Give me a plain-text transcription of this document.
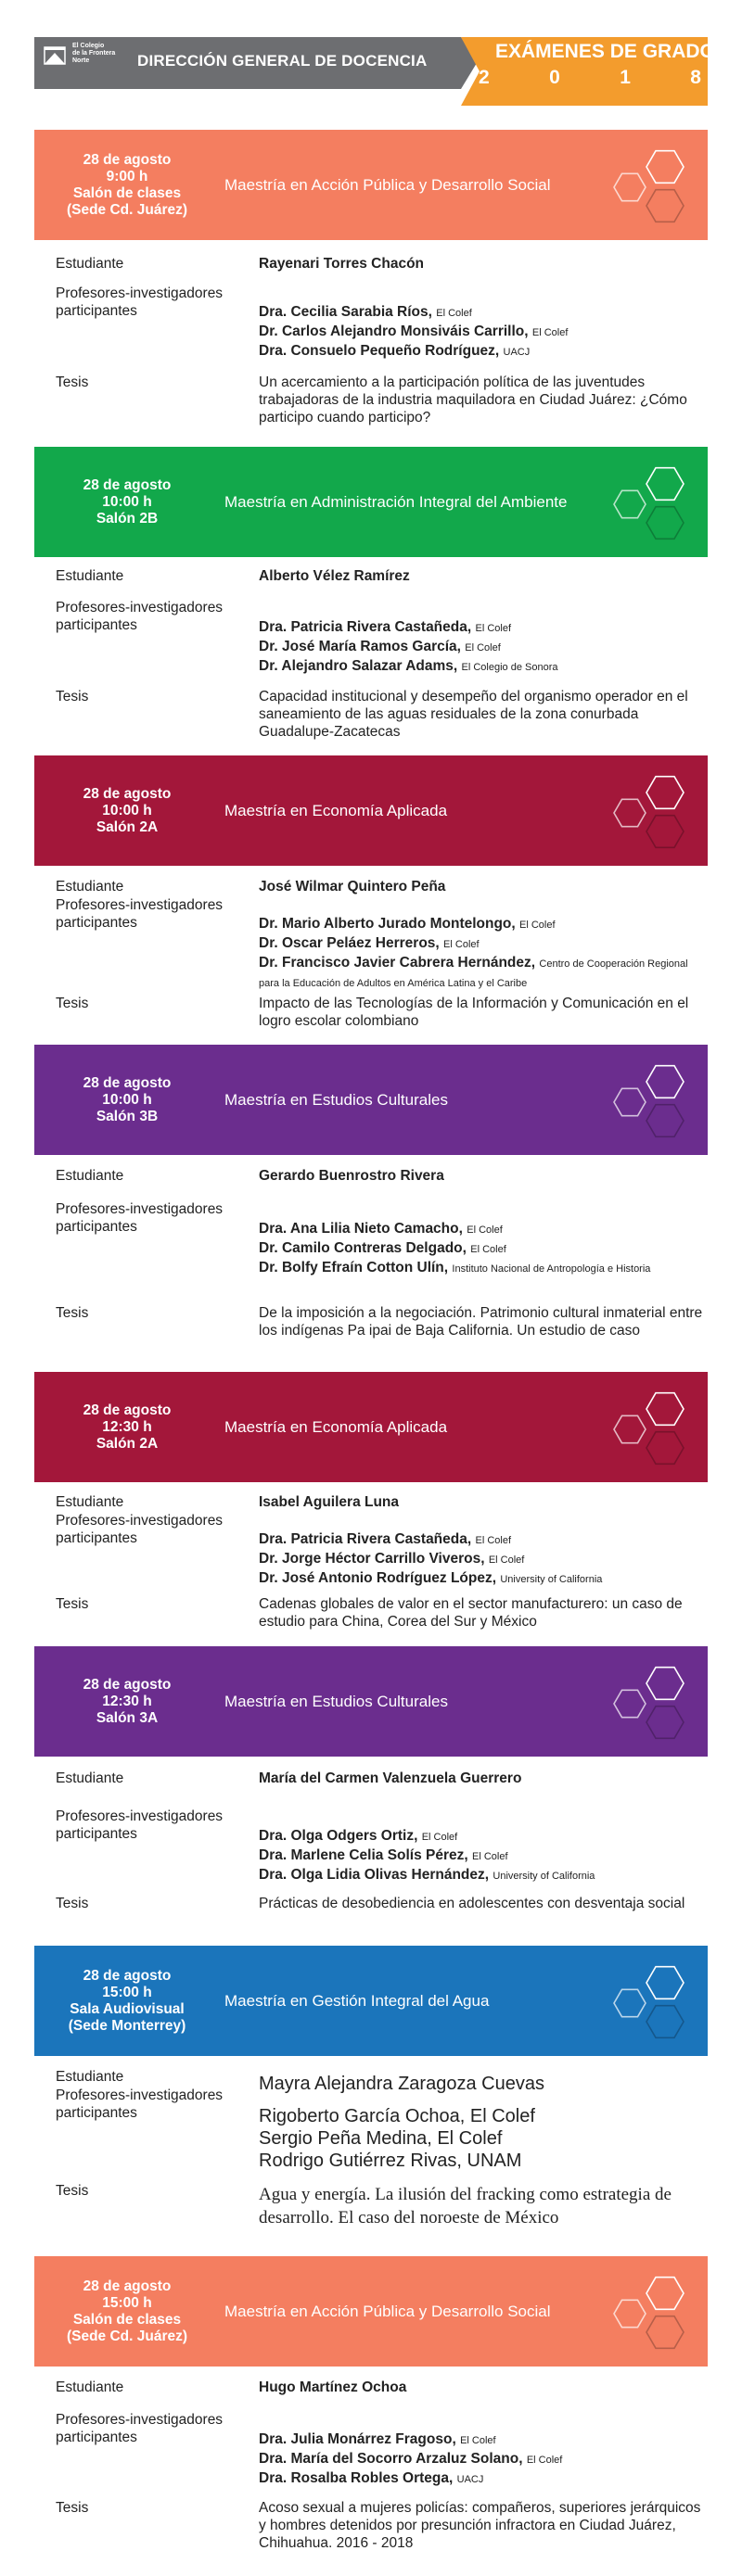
El Colegio
de la Frontera
Norte	DIRECCIÓN GENERAL DE DOCENCIA	EXÁMENES DE GRADO
2	0	1	8
28 de agosto
9:00 h
Salón de clases
(Sede Cd. Juárez)
Maestría en Acción Pública y Desarrollo Social
Estudiante	Rayenari Torres Chacón
Profesores-investigadores participantes	Dra. Cecilia Sarabia Ríos, El Colef
Dr. Carlos Alejandro Monsiváis Carrillo, El Colef
Dra. Consuelo Pequeño Rodríguez, UACJ
Tesis	Un acercamiento a la participación política de las juventudes trabajadoras de la industria maquiladora en Ciudad Juárez: ¿Cómo participo cuando participo?
28 de agosto
10:00 h
Salón 2B
Maestría en Administración Integral del Ambiente
Estudiante	Alberto Vélez Ramírez
Profesores-investigadores participantes	Dra. Patricia Rivera Castañeda, El Colef
Dr. José María Ramos García, El Colef
Dr. Alejandro Salazar Adams, El Colegio de Sonora
Tesis	Capacidad institucional y desempeño del organismo operador en el saneamiento de las aguas residuales de la zona conurbada Guadalupe-Zacatecas
28 de agosto
10:00 h
Salón 2A
Maestría en Economía Aplicada
Estudiante	José Wilmar Quintero Peña
Profesores-investigadores participantes	Dr. Mario Alberto Jurado Montelongo, El Colef
Dr. Oscar Peláez Herreros, El Colef
Dr. Francisco Javier Cabrera Hernández, Centro de Cooperación Regional para la Educación de Adultos en América Latina y el Caribe
Tesis	Impacto de las Tecnologías de la Información y Comunicación en el logro escolar colombiano
28 de agosto
10:00 h
Salón 3B
Maestría en Estudios Culturales
Estudiante	Gerardo Buenrostro Rivera
Profesores-investigadores participantes	Dra. Ana Lilia Nieto Camacho, El Colef
Dr. Camilo Contreras Delgado, El Colef
Dr. Bolfy Efraín Cotton Ulín, Instituto Nacional de Antropología e Historia
Tesis	De la imposición a la negociación. Patrimonio cultural inmaterial entre los indígenas Pa ipai de Baja California. Un estudio de caso
28 de agosto
12:30 h
Salón 2A
Maestría en Economía Aplicada
Estudiante	Isabel Aguilera Luna
Profesores-investigadores participantes	Dra. Patricia Rivera Castañeda, El Colef
Dr. Jorge Héctor Carrillo Viveros, El Colef
Dr. José Antonio Rodríguez López, University of California
Tesis	Cadenas globales de valor en el sector manufacturero: un caso de estudio para China, Corea del Sur y México
28 de agosto
12:30 h
Salón 3A
Maestría en Estudios Culturales
Estudiante	María del Carmen Valenzuela Guerrero
Profesores-investigadores participantes	Dra. Olga Odgers Ortiz, El Colef
Dra. Marlene Celia Solís Pérez, El Colef
Dra. Olga Lidia Olivas Hernández, University of California
Tesis	Prácticas de desobediencia en adolescentes con desventaja social
28 de agosto
15:00 h
Sala Audiovisual
(Sede Monterrey)
Maestría en Gestión Integral del Agua
Estudiante	Mayra Alejandra Zaragoza Cuevas
Profesores-investigadores participantes	Rigoberto García Ochoa, El Colef
Sergio Peña Medina, El Colef
Rodrigo Gutiérrez Rivas, UNAM
Tesis	Agua y energía. La ilusión del fracking como estrategia de desarrollo. El caso del noroeste de México
28 de agosto
15:00 h
Salón de clases
(Sede Cd. Juárez)
Maestría en Acción Pública y Desarrollo Social
Estudiante	Hugo Martínez Ochoa
Profesores-investigadores participantes	Dra. Julia Monárrez Fragoso, El Colef
Dra. María del Socorro Arzaluz Solano, El Colef
Dra. Rosalba Robles Ortega, UACJ
Tesis	Acoso sexual a mujeres policías: compañeros, superiores jerárquicos y hombres detenidos por presunción infractora en Ciudad Juárez, Chihuahua. 2016 - 2018
